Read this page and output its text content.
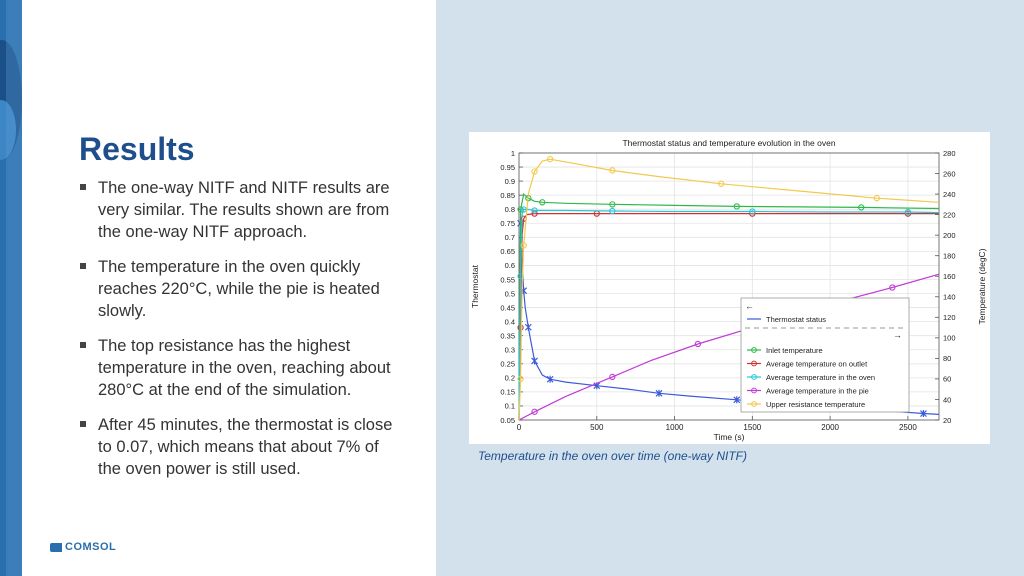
Results
The one-way NITF and NITF results are very similar. The results shown are from the one-way NITF approach.
The temperature in the oven quickly reaches 220°C, while the pie is heated slowly.
The top resistance has the highest temperature in the oven, reaching about 280°C at the end of the simulation.
After 45 minutes, the thermostat is close to 0.07, which means that about 7% of the oven power is still used.
COMSOL
0	500	1000	1500	2000	2500
1
0.95
0.9
0.85
0.8
0.75
0.7
0.65
0.6
0.55
0.5
0.45
0.4
0.35
0.3
0.25
0.2
0.15
0.1
0.05
280
260
240
220
200
180
160
140
120
100
80
60
40
20
Thermostat status and temperature evolution in the oven
Time (s)
Thermostat	Temperature (degC)
←
Thermostat status
→
Inlet temperature
Average temperature on outlet
Average temperature in the oven
Average temperature in the pie
Upper resistance temperature
Temperature in the oven over time (one-way NITF)
